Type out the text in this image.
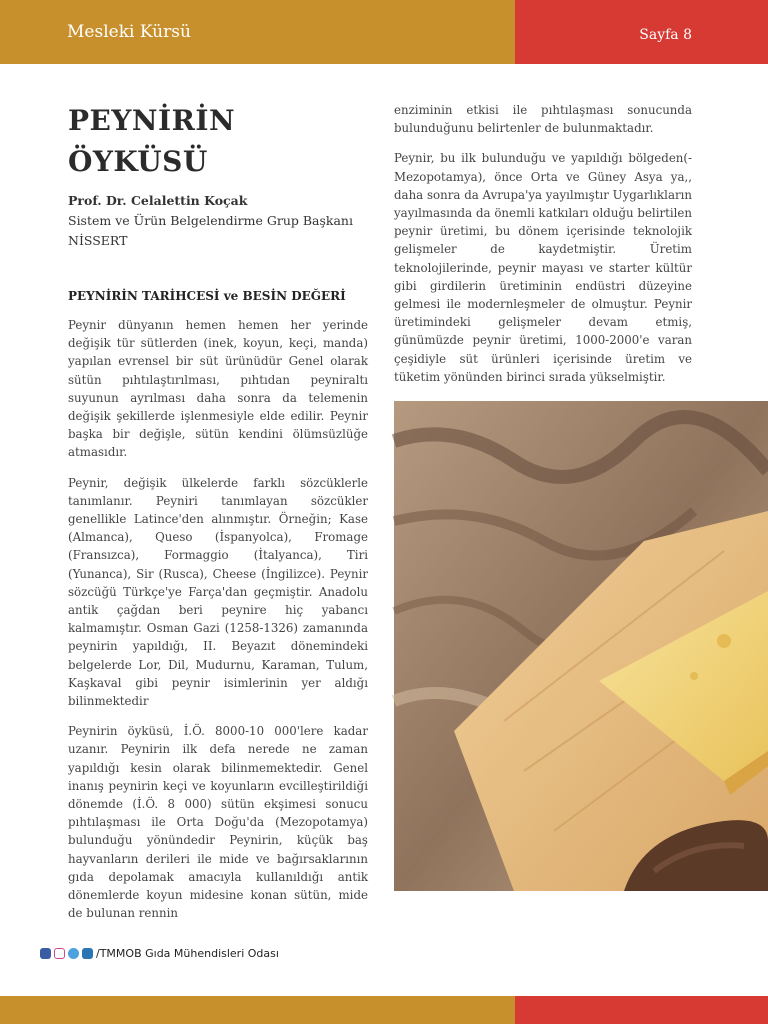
Mesleki Kürsü	Sayfa 8
PEYNİRİN
ÖYKÜSÜ
Prof. Dr. Celalettin Koçak
Sistem ve Ürün Belgelendirme Grup Başkanı
NİSSERT
PEYNİRİN TARİHCESİ ve BESİN DEĞERİ

Peynir dünyanın hemen hemen her yerinde değişik tür sütlerden (inek, koyun, keçi, manda) yapılan evrensel bir süt ürünüdür Genel olarak sütün pıhtılaştırılması, pıhtıdan peyniraltı suyunun ayrılması daha sonra da telemenin değişik şekillerde işlenmesiyle elde edilir. Peynir başka bir değişle, sütün kendini ölümsüzlüğe atmasıdır.

Peynir, değişik ülkelerde farklı sözcüklerle tanımlanır. Peyniri tanımlayan sözcükler genellikle Latince'den alınmıştır. Örneğin; Kase (Almanca), Queso (İspanyolca), Fromage (Fransızca), Formaggio (İtalyanca), Tiri (Yunanca), Sir (Rusca), Cheese (İngilizce). Peynir sözcüğü Türkçe'ye Farça'dan geçmiştir. Anadolu antik çağdan beri peynire hiç yabancı kalmamıştır. Osman Gazi (1258-1326) zamanında peynirin yapıldığı, II. Beyazıt dönemindeki belgelerde Lor, Dil, Mudurnu, Karaman, Tulum, Kaşkaval gibi peynir isimlerinin yer aldığı bilinmektedir

Peynirin öyküsü, İ.Ö. 8000-10 000'lere kadar uzanır. Peynirin ilk defa nerede ne zaman yapıldığı kesin olarak bilinmemektedir. Genel inanış peynirin keçi ve koyunların evcilleştirildiği dönemde (İ.Ö. 8 000) sütün ekşimesi sonucu pıhtılaşması ile Orta Doğu'da (Mezopotamya) bulunduğu yönündedir Peynirin, küçük baş hayvanların derileri ile mide ve bağırsaklarının gıda depolamak amacıyla kullanıldığı antik dönemlerde koyun midesine konan sütün, mide de bulunan rennin

enziminin etkisi ile pıhtılaşması sonucunda bulunduğunu belirtenler de bulunmaktadır.

Peynir, bu ilk bulunduğu ve yapıldığı bölgeden(-Mezopotamya), önce Orta ve Güney Asya ya,, daha sonra da Avrupa'ya yayılmıştır Uygarlıkların yayılmasında da önemli katkıları olduğu belirtilen peynir üretimi, bu dönem içerisinde teknolojik gelişmeler de kaydetmiştir. Üretim teknolojilerinde, peynir mayası ve starter kültür gibi girdilerin üretiminin endüstri düzeyine gelmesi ile modernleşmeler de olmuştur. Peynir üretimindeki gelişmeler devam etmiş, günümüzde peynir üretimi, 1000-2000'e varan çeşidiyle süt ürünleri içerisinde üretim ve tüketim yönünden birinci sırada yükselmiştir.

/TMMOB Gıda Mühendisleri Odası
